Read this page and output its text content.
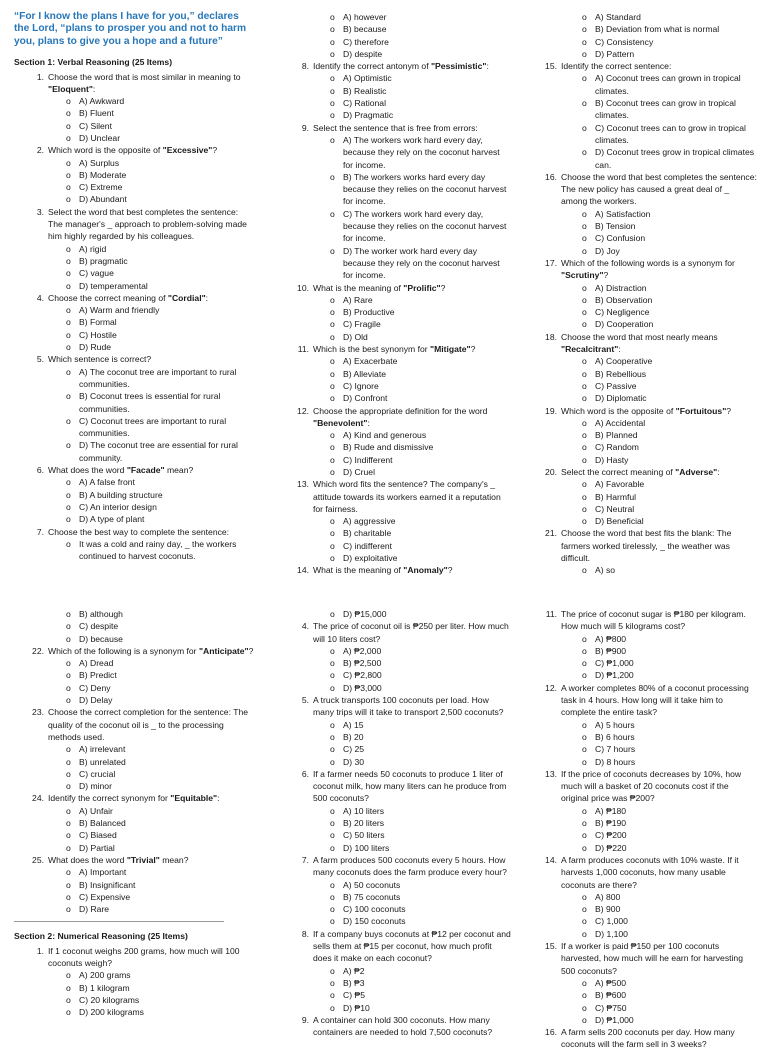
“For I know the plans I have for you,” declares the Lord, “plans to prosper you and not to harm you, plans to give you a hope and a future”
Section 1: Verbal Reasoning (25 Items)
1. Choose the word that is most similar in meaning to "Eloquent":
o A) Awkward
o B) Fluent
o C) Silent
o D) Unclear
2. Which word is the opposite of "Excessive"?
o A) Surplus
o B) Moderate
o C) Extreme
o D) Abundant
3. Select the word that best completes the sentence: The manager's _ approach to problem-solving made him highly regarded by his colleagues.
o A) rigid
o B) pragmatic
o C) vague
o D) temperamental
4. Choose the correct meaning of "Cordial":
o A) Warm and friendly
o B) Formal
o C) Hostile
o D) Rude
5. Which sentence is correct?
o A) The coconut tree are important to rural communities.
o B) Coconut trees is essential for rural communities.
o C) Coconut trees are important to rural communities.
o D) The coconut tree are essential for rural community.
6. What does the word "Facade" mean?
o A) A false front
o B) A building structure
o C) An interior design
o D) A type of plant
7. Choose the best way to complete the sentence:
o It was a cold and rainy day, _ the workers continued to harvest coconuts.
o A) however
o B) because
o C) therefore
o D) despite
8. Identify the correct antonym of "Pessimistic":
o A) Optimistic
o B) Realistic
o C) Rational
o D) Pragmatic
9. Select the sentence that is free from errors:
o A) The workers work hard every day, because they rely on the coconut harvest for income.
o B) The workers works hard every day because they relies on the coconut harvest for income.
o C) The workers work hard every day, because they relies on the coconut harvest for income.
o D) The worker work hard every day because they rely on the coconut harvest for income.
10. What is the meaning of "Prolific"?
o A) Rare
o B) Productive
o C) Fragile
o D) Old
11. Which is the best synonym for "Mitigate"?
o A) Exacerbate
o B) Alleviate
o C) Ignore
o D) Confront
12. Choose the appropriate definition for the word "Benevolent":
o A) Kind and generous
o B) Rude and dismissive
o C) Indifferent
o D) Cruel
13. Which word fits the sentence? The company's _ attitude towards its workers earned it a reputation for fairness.
o A) aggressive
o B) charitable
o C) indifferent
o D) exploitative
14. What is the meaning of "Anomaly"?
o A) Standard
o B) Deviation from what is normal
o C) Consistency
o D) Pattern
15. Identify the correct sentence:
o A) Coconut trees can grown in tropical climates.
o B) Coconut trees can grow in tropical climates.
o C) Coconut trees can to grow in tropical climates.
o D) Coconut trees grow in tropical climates can.
16. Choose the word that best completes the sentence: The new policy has caused a great deal of _ among the workers.
o A) Satisfaction
o B) Tension
o C) Confusion
o D) Joy
17. Which of the following words is a synonym for "Scrutiny"?
o A) Distraction
o B) Observation
o C) Negligence
o D) Cooperation
18. Choose the word that most nearly means "Recalcitrant":
o A) Cooperative
o B) Rebellious
o C) Passive
o D) Diplomatic
19. Which word is the opposite of "Fortuitous"?
o A) Accidental
o B) Planned
o C) Random
o D) Hasty
20. Select the correct meaning of "Adverse":
o A) Favorable
o B) Harmful
o C) Neutral
o D) Beneficial
21. Choose the word that best fits the blank: The farmers worked tirelessly, _ the weather was difficult.
o A) so
o B) although
o C) despite
o D) because
22. Which of the following is a synonym for "Anticipate"?
o A) Dread
o B) Predict
o C) Deny
o D) Delay
23. Choose the correct completion for the sentence: The quality of the coconut oil is _ to the processing methods used.
o A) irrelevant
o B) unrelated
o C) crucial
o D) minor
24. Identify the correct synonym for "Equitable":
o A) Unfair
o B) Balanced
o C) Biased
o D) Partial
25. What does the word "Trivial" mean?
o A) Important
o B) Insignificant
o C) Expensive
o D) Rare
Section 2: Numerical Reasoning (25 Items)
1. If 1 coconut weighs 200 grams, how much will 100 coconuts weigh?
o A) 200 grams
o B) 1 kilogram
o C) 20 kilograms
o D) 200 kilograms
o D) ₱15,000
4. The price of coconut oil is ₱250 per liter. How much will 10 liters cost?
o A) ₱2,000
o B) ₱2,500
o C) ₱2,800
o D) ₱3,000
5. A truck transports 100 coconuts per load. How many trips will it take to transport 2,500 coconuts?
o A) 15
o B) 20
o C) 25
o D) 30
6. If a farmer needs 50 coconuts to produce 1 liter of coconut milk, how many liters can he produce from 500 coconuts?
o A) 10 liters
o B) 20 liters
o C) 50 liters
o D) 100 liters
7. A farm produces 500 coconuts every 5 hours. How many coconuts does the farm produce every hour?
o A) 50 coconuts
o B) 75 coconuts
o C) 100 coconuts
o D) 150 coconuts
8. If a company buys coconuts at ₱12 per coconut and sells them at ₱15 per coconut, how much profit does it make on each coconut?
o A) ₱2
o B) ₱3
o C) ₱5
o D) ₱10
9. A container can hold 300 coconuts. How many containers are needed to hold 7,500 coconuts?
11. The price of coconut sugar is ₱180 per kilogram. How much will 5 kilograms cost?
o A) ₱800
o B) ₱900
o C) ₱1,000
o D) ₱1,200
12. A worker completes 80% of a coconut processing task in 4 hours. How long will it take him to complete the entire task?
o A) 5 hours
o B) 6 hours
o C) 7 hours
o D) 8 hours
13. If the price of coconuts decreases by 10%, how much will a basket of 20 coconuts cost if the original price was ₱200?
o A) ₱180
o B) ₱190
o C) ₱200
o D) ₱220
14. A farm produces coconuts with 10% waste. If it harvests 1,000 coconuts, how many usable coconuts are there?
o A) 800
o B) 900
o C) 1,000
o D) 1,100
15. If a worker is paid ₱150 per 100 coconuts harvested, how much will he earn for harvesting 500 coconuts?
o A) ₱500
o B) ₱600
o C) ₱750
o D) ₱1,000
16. A farm sells 200 coconuts per day. How many coconuts will the farm sell in 3 weeks?
